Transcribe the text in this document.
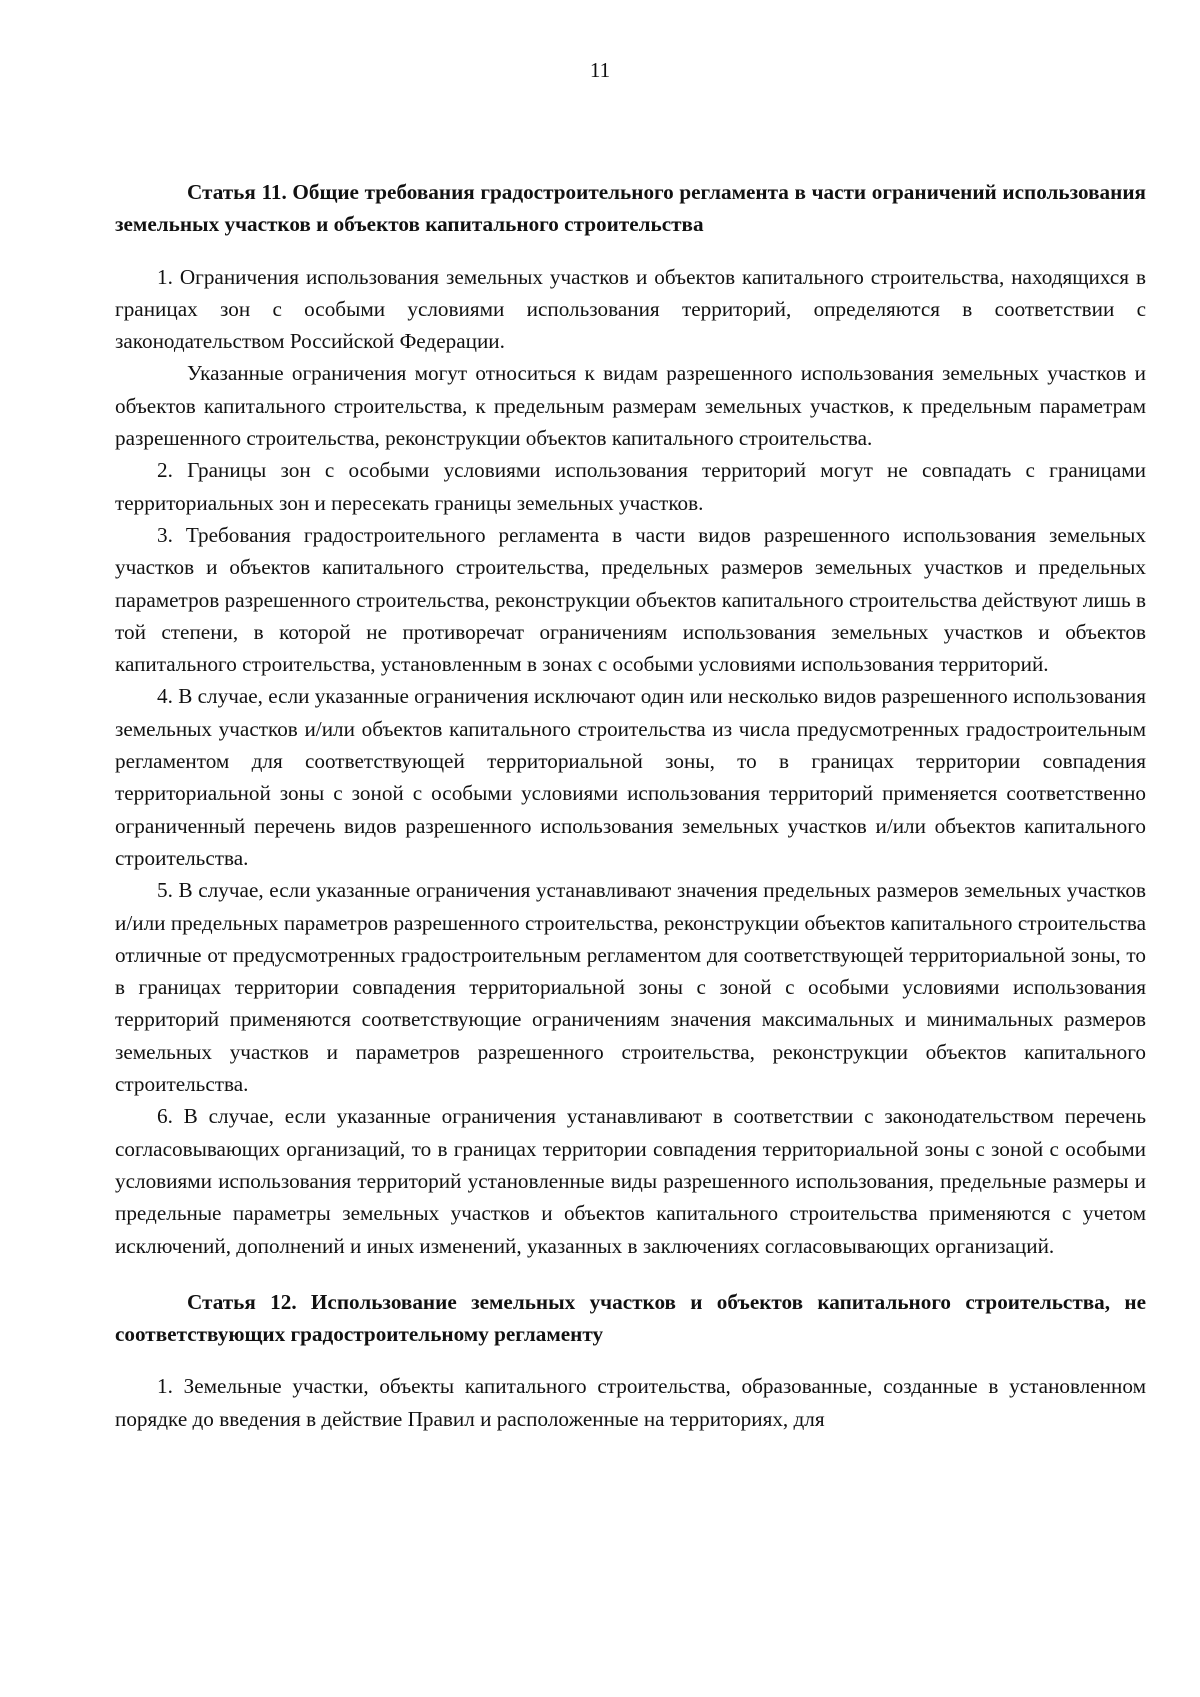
11

Статья 11. Общие требования градостроительного регламента в части ограничений использования земельных участков и объектов капитального строительства

1. Ограничения использования земельных участков и объектов капитального строительства, находящихся в границах зон с особыми условиями использования территорий, определяются в соответствии с законодательством Российской Федерации.

Указанные ограничения могут относиться к видам разрешенного использования земельных участков и объектов капитального строительства, к предельным размерам земельных участков, к предельным параметрам разрешенного строительства, реконструкции объектов капитального строительства.

2. Границы зон с особыми условиями использования территорий могут не совпадать с границами территориальных зон и пересекать границы земельных участков.

3. Требования градостроительного регламента в части видов разрешенного использования земельных участков и объектов капитального строительства, предельных размеров земельных участков и предельных параметров разрешенного строительства, реконструкции объектов капитального строительства действуют лишь в той степени, в которой не противоречат ограничениям использования земельных участков и объектов капитального строительства, установленным в зонах с особыми условиями использования территорий.

4. В случае, если указанные ограничения исключают один или несколько видов разрешенного использования земельных участков и/или объектов капитального строительства из числа предусмотренных градостроительным регламентом для соответствующей территориальной зоны, то в границах территории совпадения территориальной зоны с зоной с особыми условиями использования территорий применяется соответственно ограниченный перечень видов разрешенного использования земельных участков и/или объектов капитального строительства.

5. В случае, если указанные ограничения устанавливают значения предельных размеров земельных участков и/или предельных параметров разрешенного строительства, реконструкции объектов капитального строительства отличные от предусмотренных градостроительным регламентом для соответствующей территориальной зоны, то в границах территории совпадения территориальной зоны с зоной с особыми условиями использования территорий применяются соответствующие ограничениям значения максимальных и минимальных размеров земельных участков и параметров разрешенного строительства, реконструкции объектов капитального строительства.

6. В случае, если указанные ограничения устанавливают в соответствии с законодательством перечень согласовывающих организаций, то в границах территории совпадения территориальной зоны с зоной с особыми условиями использования территорий установленные виды разрешенного использования, предельные размеры и предельные параметры земельных участков и объектов капитального строительства применяются с учетом исключений, дополнений и иных изменений, указанных в заключениях согласовывающих организаций.

Статья 12. Использование земельных участков и объектов капитального строительства, не соответствующих градостроительному регламенту

1. Земельные участки, объекты капитального строительства, образованные, созданные в установленном порядке до введения в действие Правил и расположенные на территориях, для
